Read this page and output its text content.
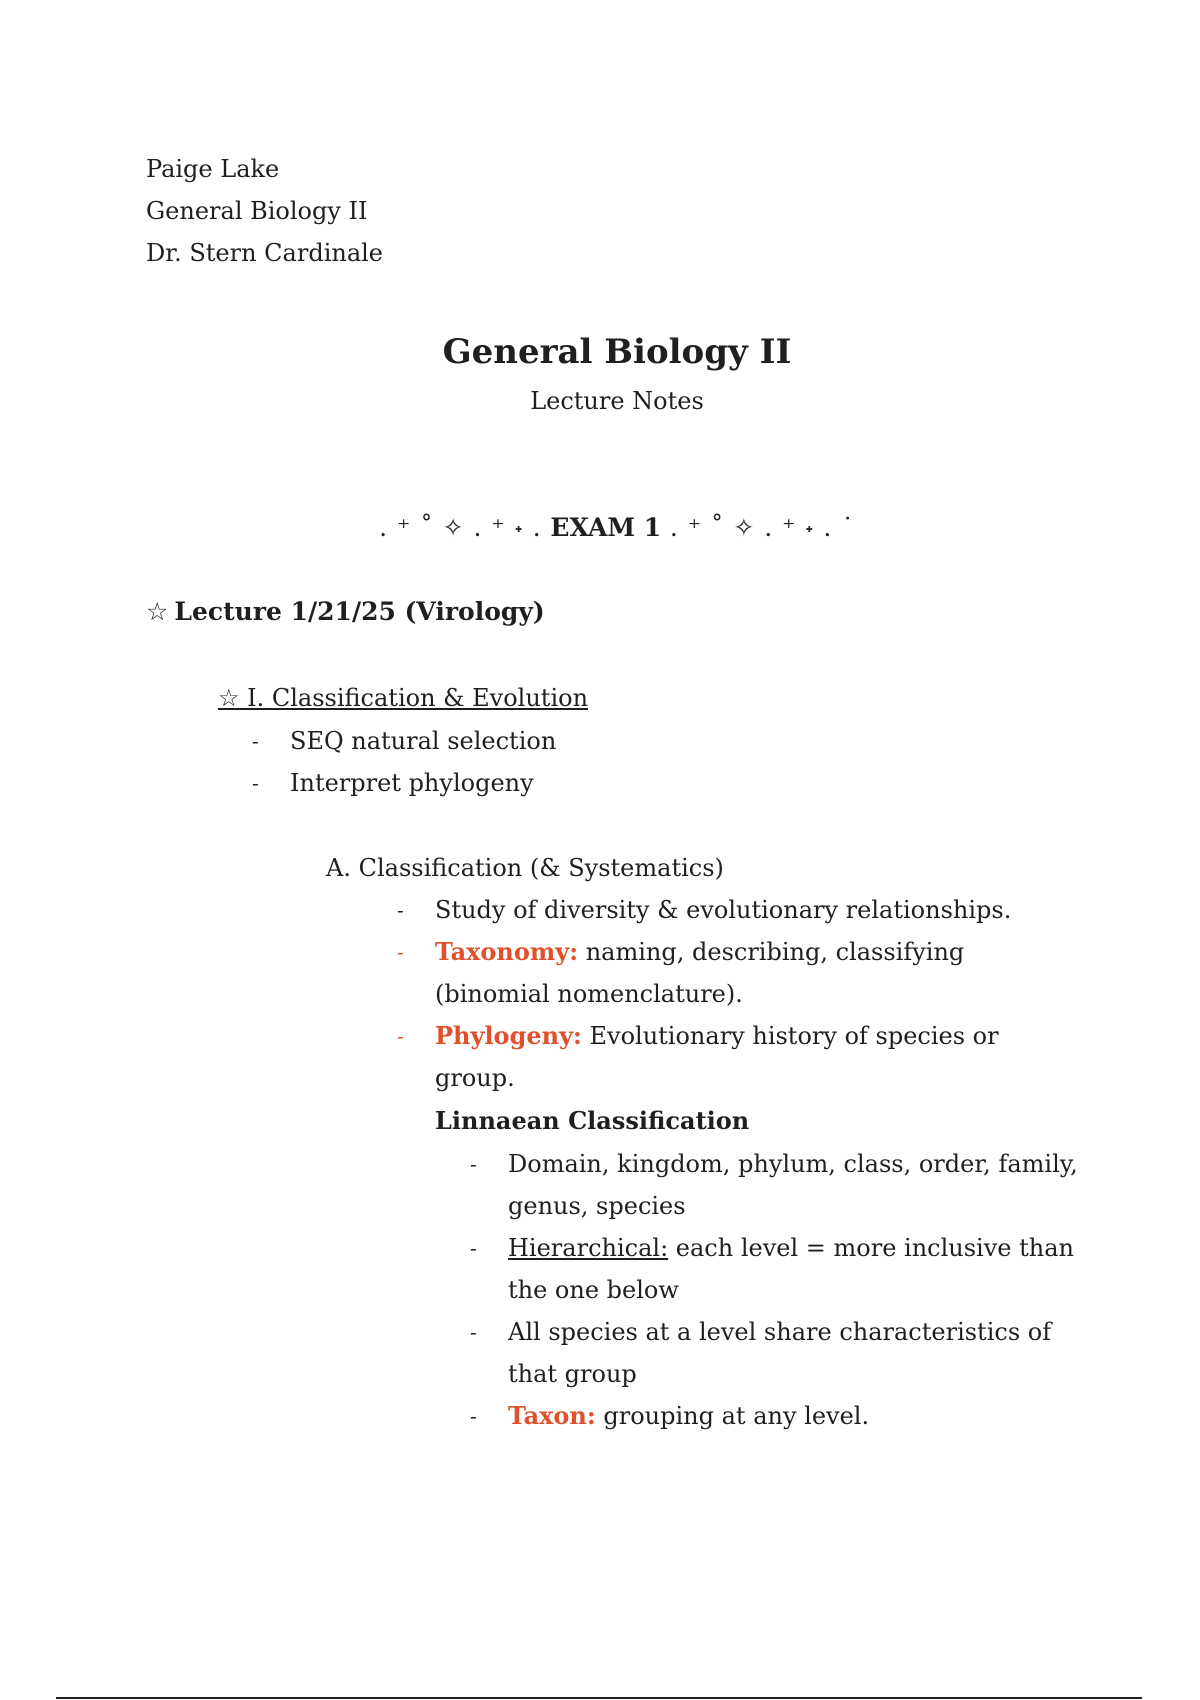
Paige Lake
General Biology II
Dr. Stern Cardinale
General Biology II
Lecture Notes
. ⁺ ˚ ✧ . ⁺ ˖ . EXAM 1 . ⁺ ˚ ✧ . ⁺ ˖ . ˙
☆ Lecture 1/21/25 (Virology)
☆ I. Classification & Evolution
- SEQ natural selection
- Interpret phylogeny
A. Classification (& Systematics)
- Study of diversity & evolutionary relationships.
- Taxonomy: naming, describing, classifying (binomial nomenclature).
- Phylogeny: Evolutionary history of species or group.
Linnaean Classification
- Domain, kingdom, phylum, class, order, family, genus, species
- Hierarchical: each level = more inclusive than the one below
- All species at a level share characteristics of that group
- Taxon: grouping at any level.
